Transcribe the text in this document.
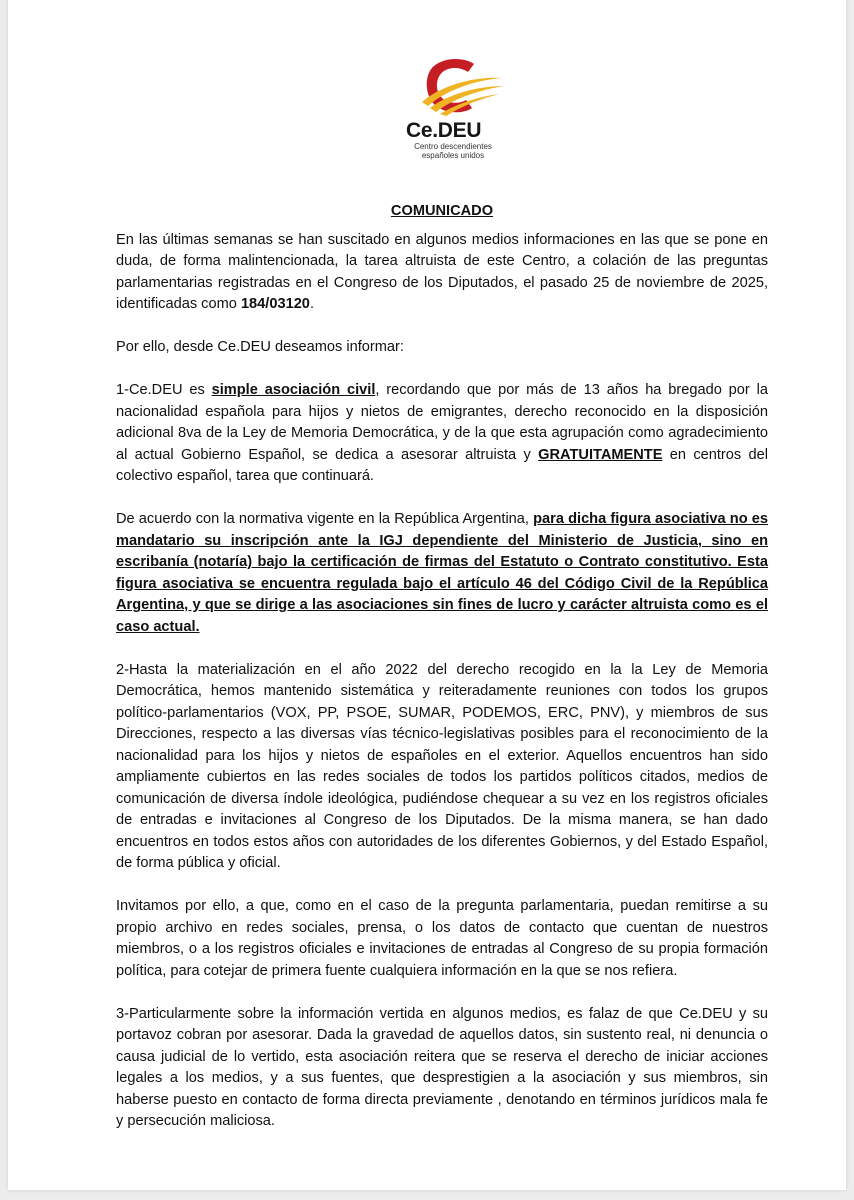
Ce.DEU
Centro descendientes españoles unidos
COMUNICADO

En las últimas semanas se han suscitado en algunos medios informaciones en las que se pone en duda, de forma malintencionada, la tarea altruista de este Centro, a colación de las preguntas parlamentarias registradas en el Congreso de los Diputados, el pasado 25 de noviembre de 2025, identificadas como 184/03120.

Por ello, desde Ce.DEU deseamos informar:

1-Ce.DEU es simple asociación civil, recordando que por más de 13 años ha bregado por la nacionalidad española para hijos y nietos de emigrantes, derecho reconocido en la disposición adicional 8va de la Ley de Memoria Democrática, y de la que esta agrupación como agradecimiento al actual Gobierno Español, se dedica a asesorar altruista y GRATUITAMENTE en centros del colectivo español, tarea que continuará.

De acuerdo con la normativa vigente en la República Argentina, para dicha figura asociativa no es mandatario su inscripción ante la IGJ dependiente del Ministerio de Justicia, sino en escribanía (notaría) bajo la certificación de firmas del Estatuto o Contrato constitutivo. Esta figura asociativa se encuentra regulada bajo el artículo 46 del Código Civil de la República Argentina, y que se dirige a las asociaciones sin fines de lucro y carácter altruista como es el caso actual.

2-Hasta la materialización en el año 2022 del derecho recogido en la la Ley de Memoria Democrática, hemos mantenido sistemática y reiteradamente reuniones con todos los grupos político-parlamentarios (VOX, PP, PSOE, SUMAR, PODEMOS, ERC, PNV), y miembros de sus Direcciones, respecto a las diversas vías técnico-legislativas posibles para el reconocimiento de la nacionalidad para los hijos y nietos de españoles en el exterior. Aquellos encuentros han sido ampliamente cubiertos en las redes sociales de todos los partidos políticos citados, medios de comunicación de diversa índole ideológica, pudiéndose chequear a su vez en los registros oficiales de entradas e invitaciones al Congreso de los Diputados. De la misma manera, se han dado encuentros en todos estos años con autoridades de los diferentes Gobiernos, y del Estado Español, de forma pública y oficial.

Invitamos por ello, a que, como en el caso de la pregunta parlamentaria, puedan remitirse a su propio archivo en redes sociales, prensa, o los datos de contacto que cuentan de nuestros miembros, o a los registros oficiales e invitaciones de entradas al Congreso de su propia formación política, para cotejar de primera fuente cualquiera información en la que se nos refiera.

3-Particularmente sobre la información vertida en algunos medios, es falaz de que Ce.DEU y su portavoz cobran por asesorar. Dada la gravedad de aquellos datos, sin sustento real, ni denuncia o causa judicial de lo vertido, esta asociación reitera que se reserva el derecho de iniciar acciones legales a los medios, y a sus fuentes, que desprestigien a la asociación y sus miembros, sin haberse puesto en contacto de forma directa previamente , denotando en términos jurídicos mala fe y persecución maliciosa.
